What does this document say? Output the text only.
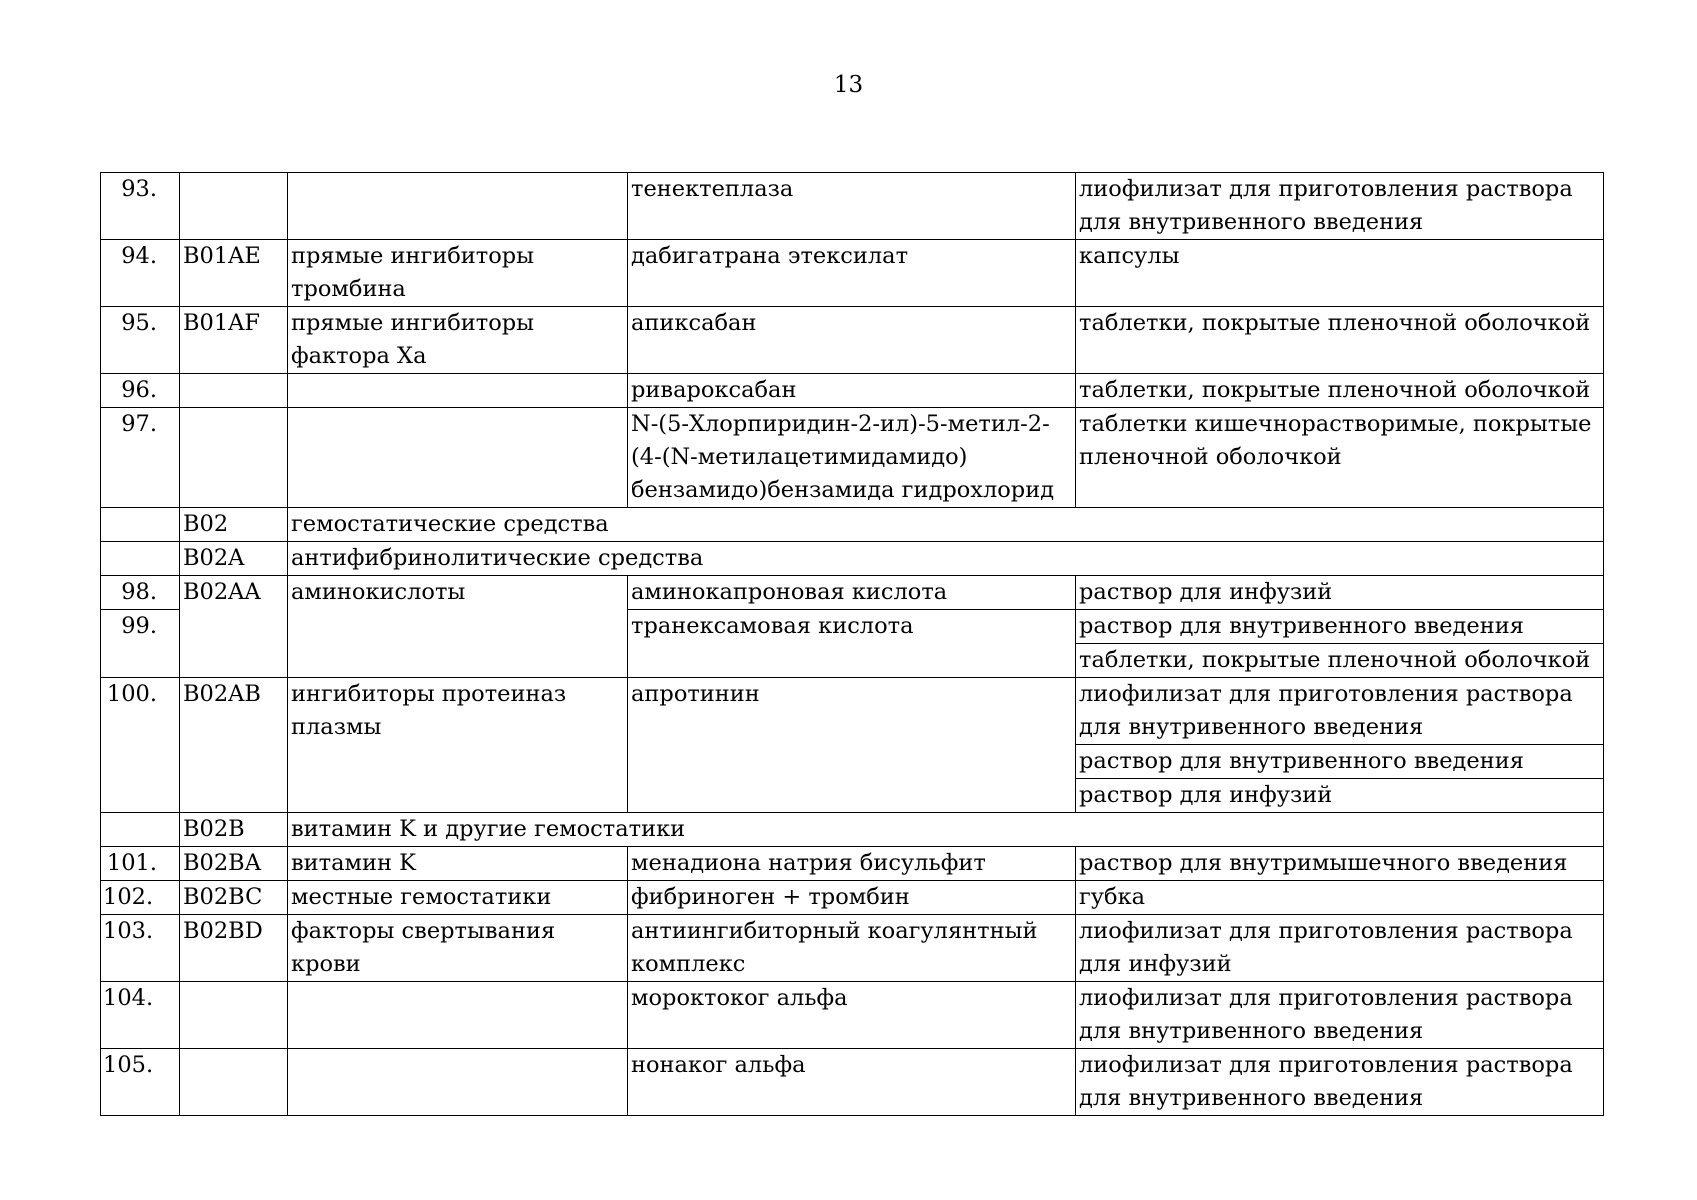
13
93.			тенектеплаза	лиофилизат для приготовления раствора для внутривенного введения
94.	B01AE	прямые ингибиторы тромбина	дабигатрана этексилат	капсулы
95.	B01AF	прямые ингибиторы фактора Xa	апиксабан	таблетки, покрытые пленочной оболочкой
96.			ривароксабан	таблетки, покрытые пленочной оболочкой
97.			N-(5-Хлорпиридин-2-ил)-5-метил-2-(4-(N-метилацетимидамидо) бензамидо)бензамида гидрохлорид	таблетки кишечнорастворимые, покрытые пленочной оболочкой
	B02	гемостатические средства		
	B02A	антифибринолитические средства		
98.	B02AA	аминокислоты	аминокапроновая кислота	раствор для инфузий
99.			транексамовая кислота	раствор для внутривенного введения
				таблетки, покрытые пленочной оболочкой
100.	B02AB	ингибиторы протеиназ плазмы	апротинин	лиофилизат для приготовления раствора для внутривенного введения
				раствор для внутривенного введения
				раствор для инфузий
	B02B	витамин K и другие гемостатики		
101.	B02BA	витамин K	менадиона натрия бисульфит	раствор для внутримышечного введения
102.	B02BC	местные гемостатики	фибриноген + тромбин	губка
103.	B02BD	факторы свертывания крови	антиингибиторный коагулянтный комплекс	лиофилизат для приготовления раствора для инфузий
104.			мороктоког альфа	лиофилизат для приготовления раствора для внутривенного введения
105.			нонаког альфа	лиофилизат для приготовления раствора для внутривенного введения
